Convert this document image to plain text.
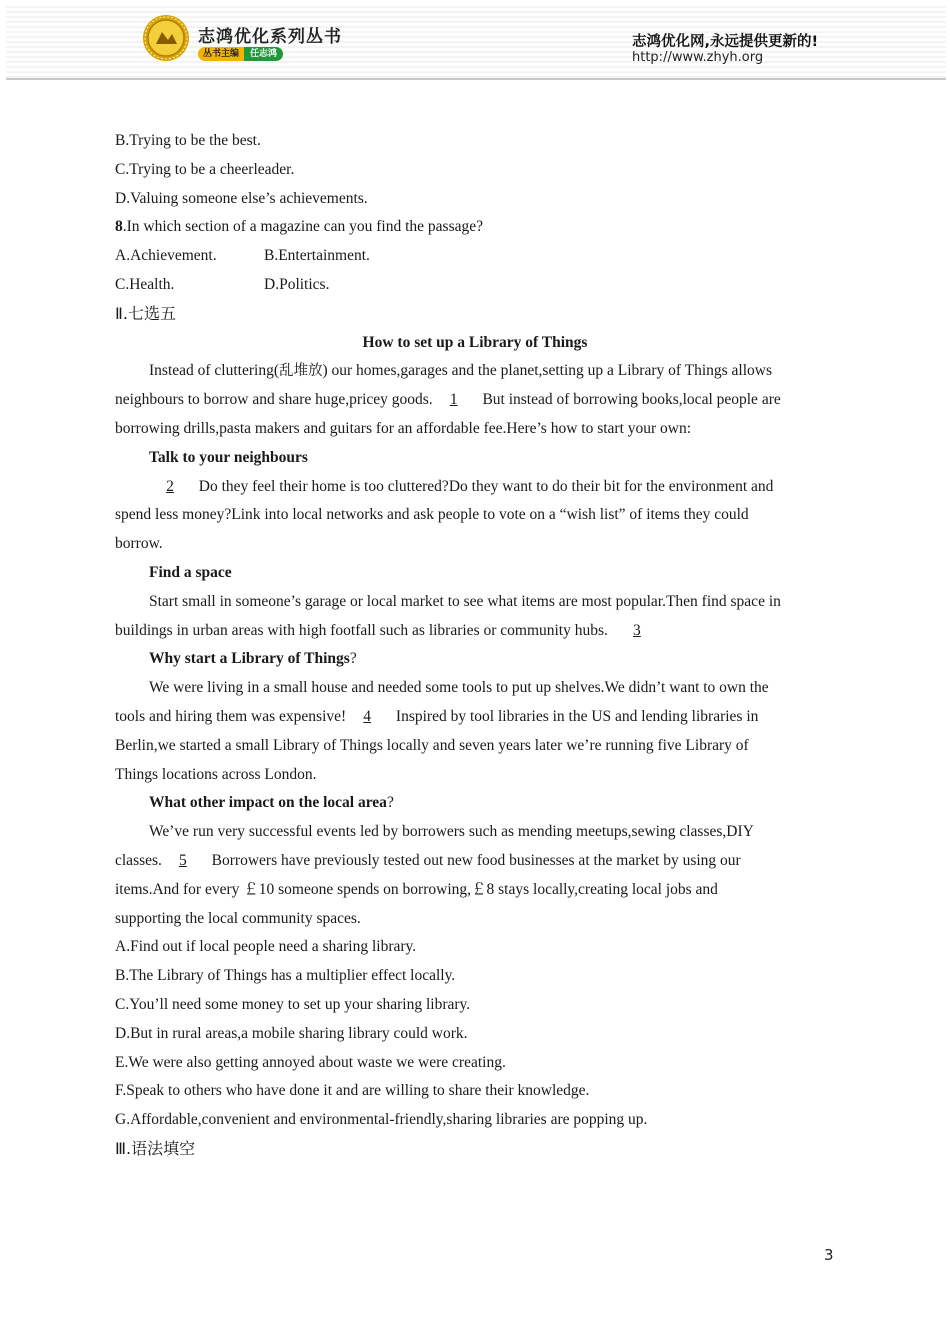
志鸿优化系列丛书
丛书主编	任志鸿
志鸿优化网,永远提供更新的!
http://www.zhyh.org
B.Trying to be the best.
C.Trying to be a cheerleader.
D.Valuing someone else’s achievements.
8.In which section of a magazine can you find the passage?
A.Achievement.	B.Entertainment.
C.Health.	D.Politics.
Ⅱ.七选五
How to set up a Library of Things
Instead of cluttering(乱堆放) our homes,garages and the planet,setting up a Library of Things allows
neighbours to borrow and share huge,pricey goods. 1 But instead of borrowing books,local people are
borrowing drills,pasta makers and guitars for an affordable fee.Here’s how to start your own:
Talk to your neighbours
2 Do they feel their home is too cluttered?Do they want to do their bit for the environment and
spend less money?Link into local networks and ask people to vote on a “wish list” of items they could
borrow.
Find a space
Start small in someone’s garage or local market to see what items are most popular.Then find space in
buildings in urban areas with high footfall such as libraries or community hubs. 3
Why start a Library of Things?
We were living in a small house and needed some tools to put up shelves.We didn’t want to own the
tools and hiring them was expensive! 4 Inspired by tool libraries in the US and lending libraries in
Berlin,we started a small Library of Things locally and seven years later we’re running five Library of
Things locations across London.
What other impact on the local area?
We’ve run very successful events led by borrowers such as mending meetups,sewing classes,DIY
classes. 5 Borrowers have previously tested out new food businesses at the market by using our
items.And for every ￡10 someone spends on borrowing,￡8 stays locally,creating local jobs and
supporting the local community spaces.
A.Find out if local people need a sharing library.
B.The Library of Things has a multiplier effect locally.
C.You’ll need some money to set up your sharing library.
D.But in rural areas,a mobile sharing library could work.
E.We were also getting annoyed about waste we were creating.
F.Speak to others who have done it and are willing to share their knowledge.
G.Affordable,convenient and environmental-friendly,sharing libraries are popping up.
Ⅲ.语法填空
3
